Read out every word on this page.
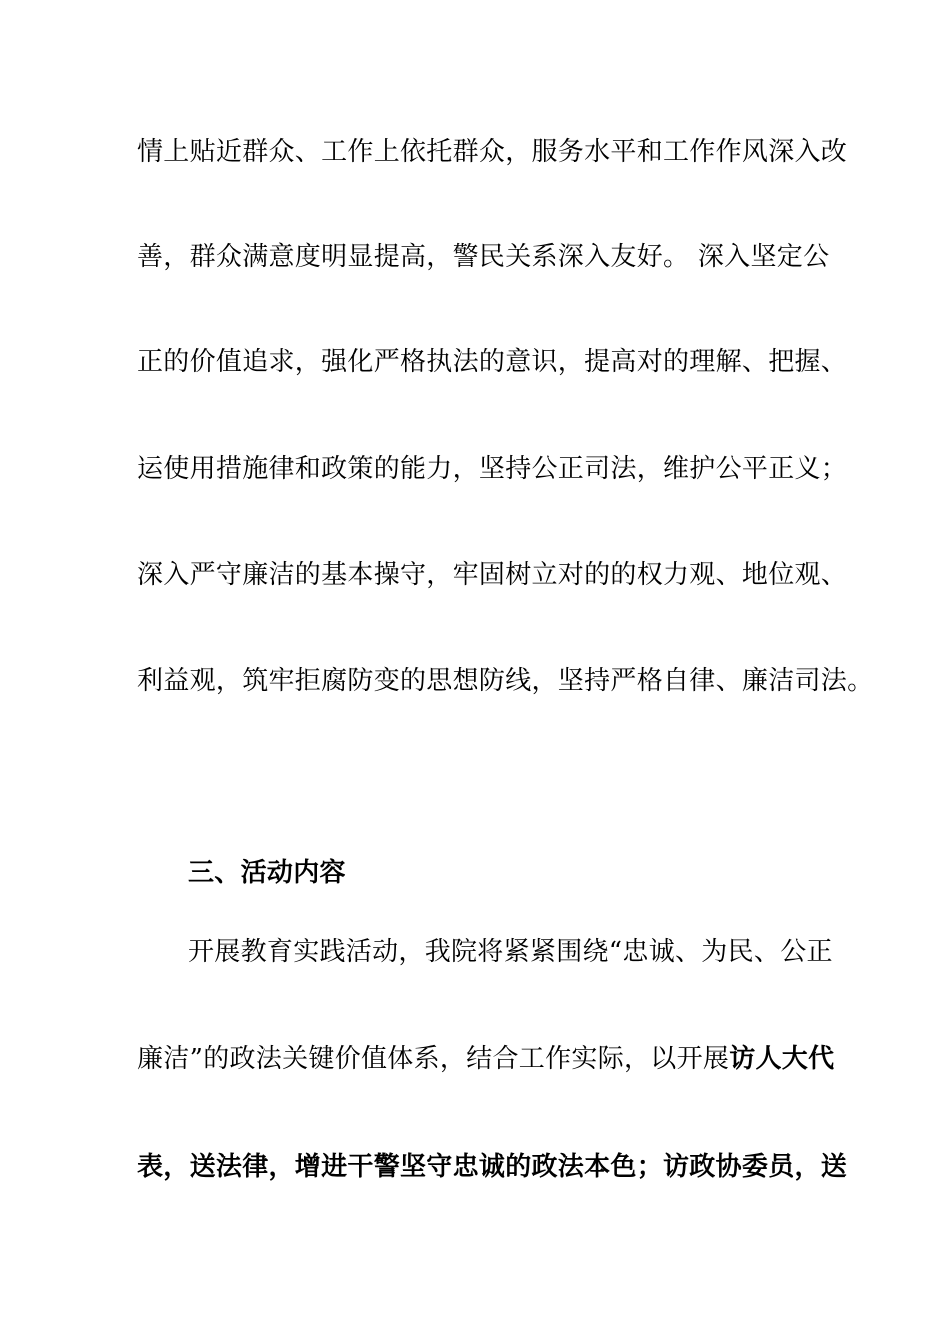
情上贴近群众、工作上依托群众，服务水平和工作作风深入改
善，群众满意度明显提高，警民关系深入友好。 深入坚定公
正的价值追求，强化严格执法的意识，提高对的理解、把握、
运使用措施律和政策的能力，坚持公正司法，维护公平正义；
深入严守廉洁的基本操守，牢固树立对的的权力观、地位观、
利益观，筑牢拒腐防变的思想防线，坚持严格自律、廉洁司法。
三、活动内容
开展教育实践活动，我院将紧紧围绕“忠诚、为民、公正
廉洁”的政法关键价值体系，结合工作实际，以开展访人大代
表，送法律，增进干警坚守忠诚的政法本色；访政协委员，送
